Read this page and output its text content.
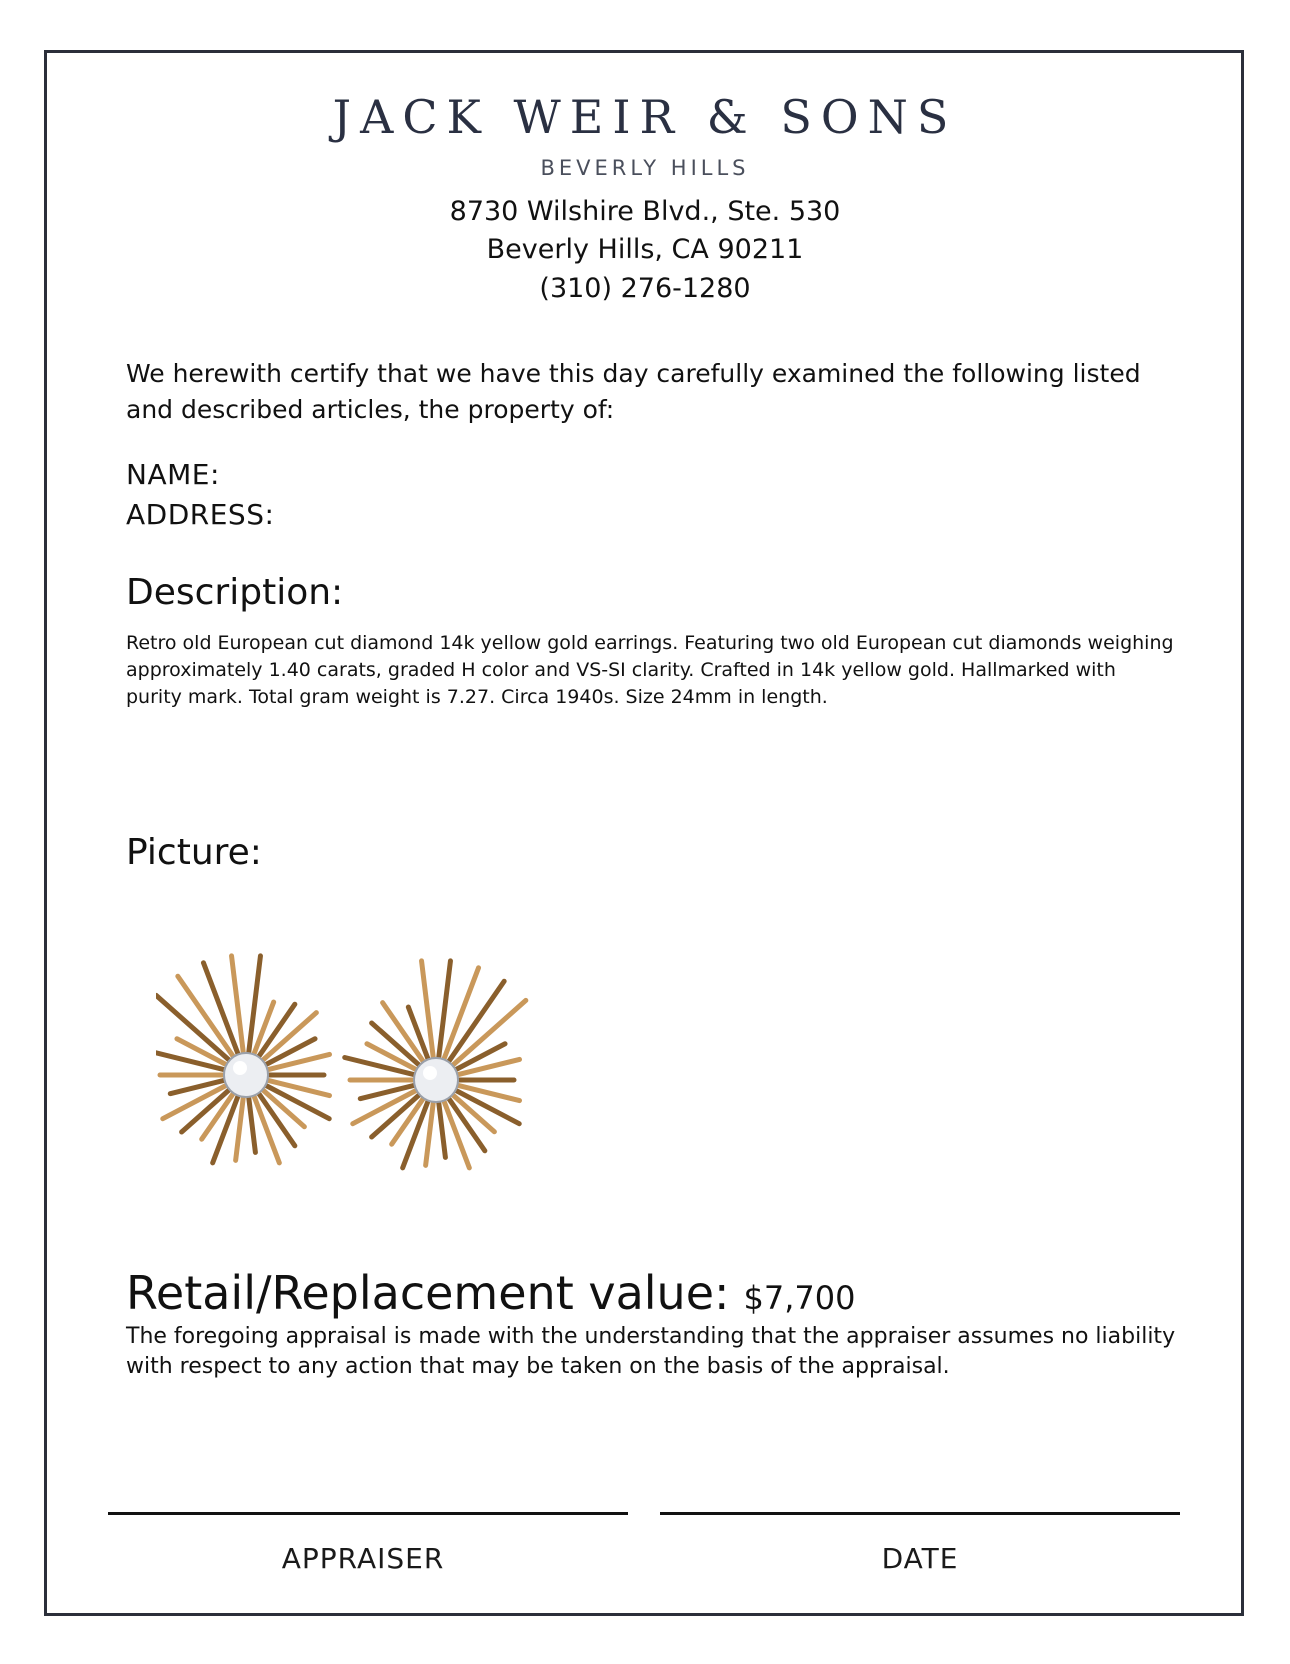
JACK WEIR & SONS
BEVERLY HILLS
8730 Wilshire Blvd., Ste. 530
Beverly Hills, CA 90211
(310) 276-1280
We herewith certify that we have this day carefully examined the following listed and described articles, the property of:
NAME:
ADDRESS:
Description:
Retro old European cut diamond 14k yellow gold earrings. Featuring two old European cut diamonds weighing approximately 1.40 carats, graded H color and VS-SI clarity. Crafted in 14k yellow gold. Hallmarked with purity mark. Total gram weight is 7.27. Circa 1940s. Size 24mm in length.
Picture:
Retail/Replacement value: $7,700
The foregoing appraisal is made with the understanding that the appraiser assumes no liability with respect to any action that may be taken on the basis of the appraisal.
APPRAISER	DATE
